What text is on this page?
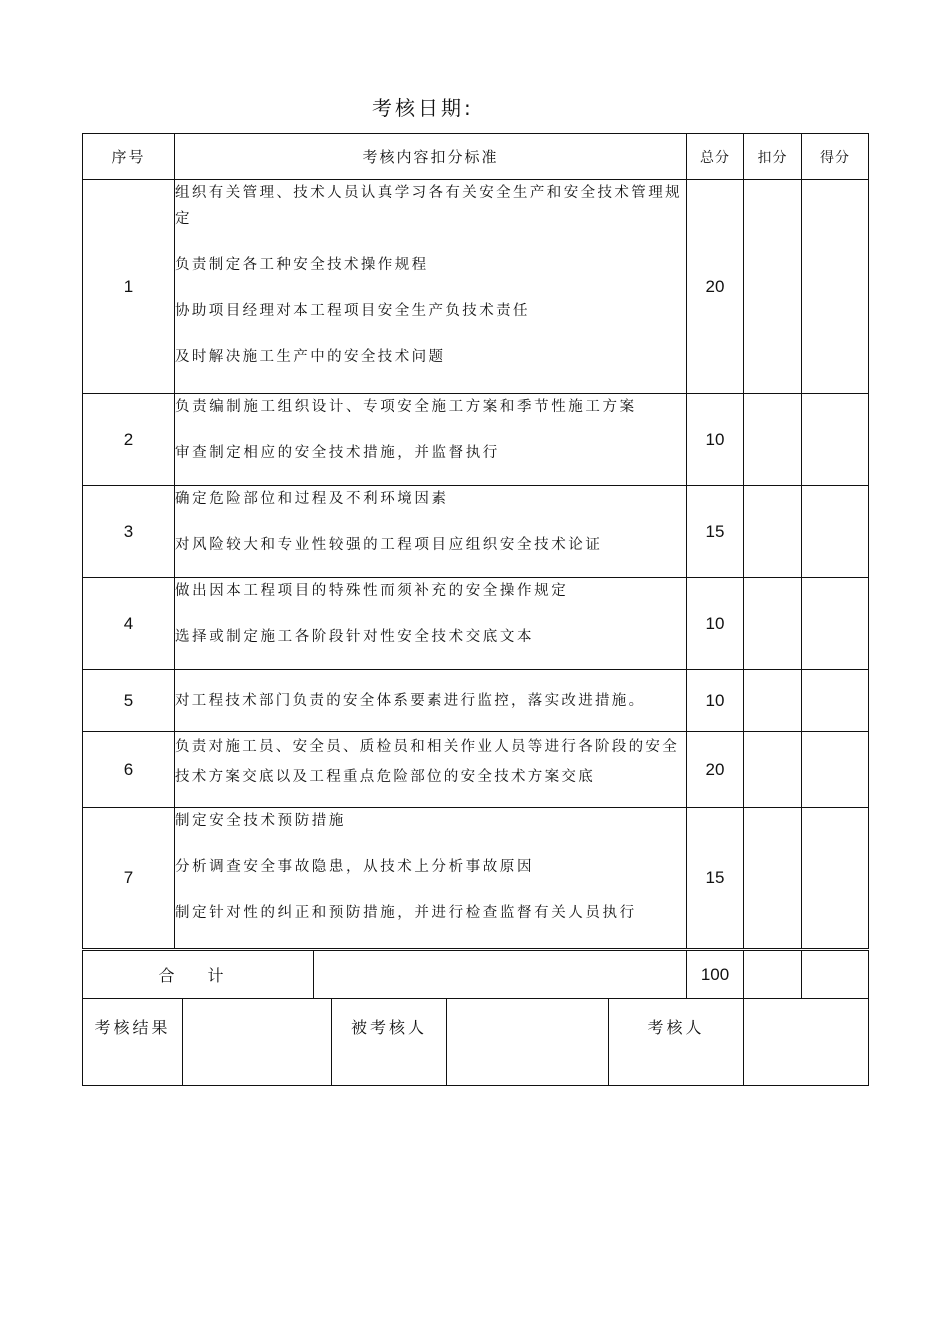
考核日期:
序号	考核内容扣分标准	总分	扣分	得分
1	组织有关管理、技术人员认真学习各有关安全生产和安全技术管理规定
负责制定各工种安全技术操作规程
协助项目经理对本工程项目安全生产负技术责任
及时解决施工生产中的安全技术问题	20		
2	负责编制施工组织设计、专项安全施工方案和季节性施工方案
审查制定相应的安全技术措施，并监督执行	10		
3	确定危险部位和过程及不利环境因素
对风险较大和专业性较强的工程项目应组织安全技术论证	15		
4	做出因本工程项目的特殊性而须补充的安全操作规定
选择或制定施工各阶段针对性安全技术交底文本	10		
5	对工程技术部门负责的安全体系要素进行监控，落实改进措施。	10		
6	负责对施工员、安全员、质检员和相关作业人员等进行各阶段的安全技术方案交底以及工程重点危险部位的安全技术方案交底	20		
7	制定安全技术预防措施
分析调查安全事故隐患，从技术上分析事故原因
制定针对性的纠正和预防措施，并进行检查监督有关人员执行	15		
合 计		100		
考核结果		被考核人		考核人	
